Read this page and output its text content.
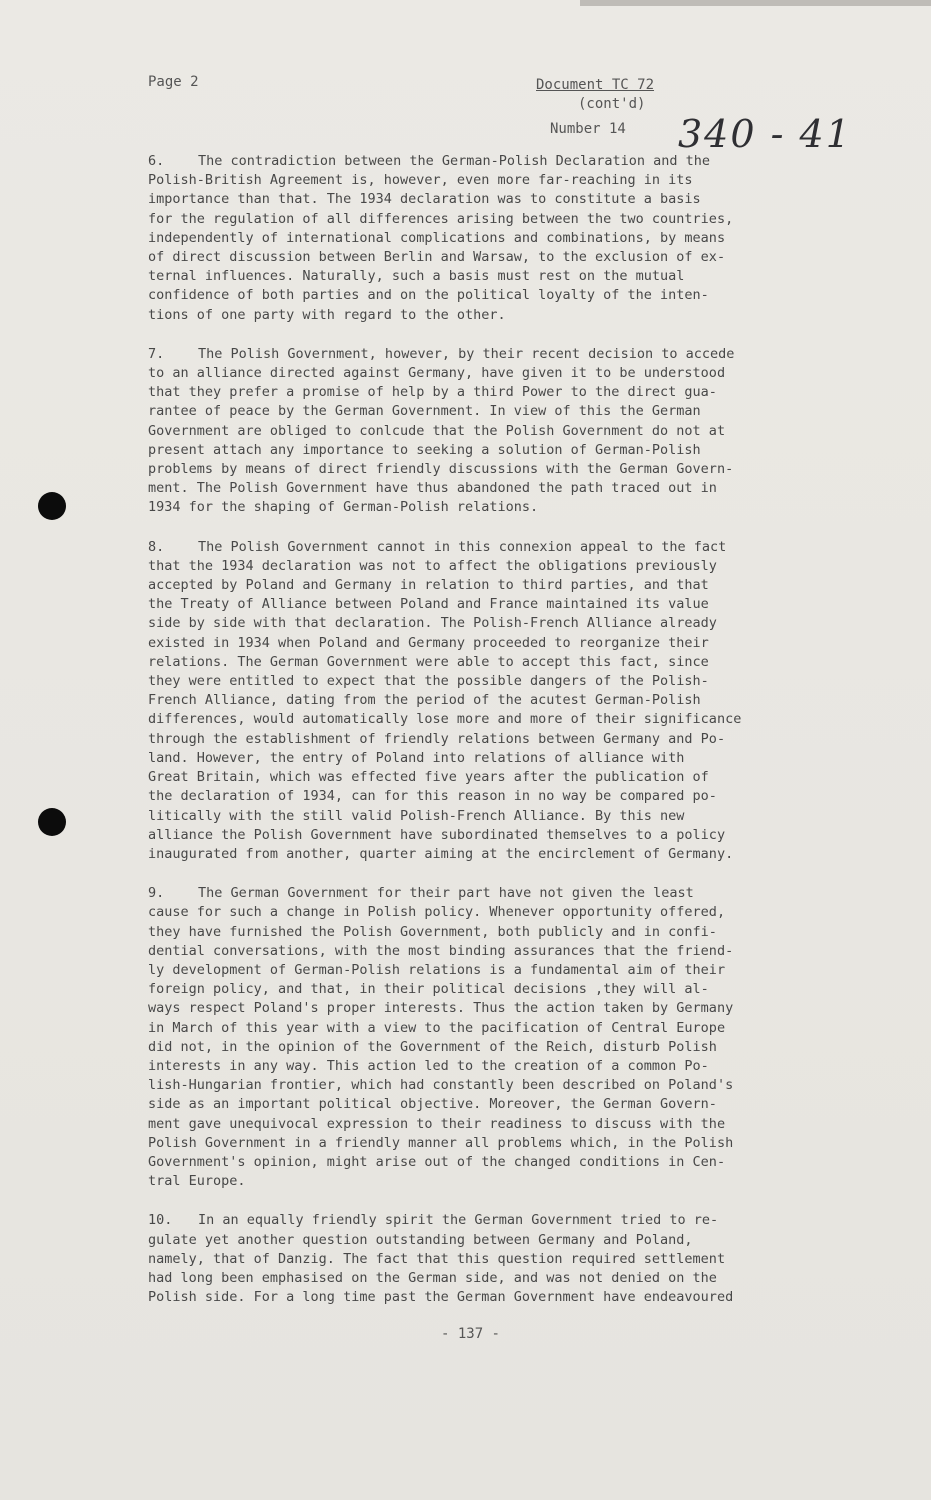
Page 2	Document TC 72
(cont'd)
Number 14	340 - 41
6. The contradiction between the German-Polish Declaration and the
Polish-British Agreement is, however, even more far-reaching in its
importance than that. The 1934 declaration was to constitute a basis
for the regulation of all differences arising between the two countries,
independently of international complications and combinations, by means
of direct discussion between Berlin and Warsaw, to the exclusion of ex-
ternal influences. Naturally, such a basis must rest on the mutual
confidence of both parties and on the political loyalty of the inten-
tions of one party with regard to the other.
7. The Polish Government, however, by their recent decision to accede
to an alliance directed against Germany, have given it to be understood
that they prefer a promise of help by a third Power to the direct gua-
rantee of peace by the German Government. In view of this the German
Government are obliged to conlcude that the Polish Government do not at
present attach any importance to seeking a solution of German-Polish
problems by means of direct friendly discussions with the German Govern-
ment. The Polish Government have thus abandoned the path traced out in
1934 for the shaping of German-Polish relations.
8. The Polish Government cannot in this connexion appeal to the fact
that the 1934 declaration was not to affect the obligations previously
accepted by Poland and Germany in relation to third parties, and that
the Treaty of Alliance between Poland and France maintained its value
side by side with that declaration. The Polish-French Alliance already
existed in 1934 when Poland and Germany proceeded to reorganize their
relations. The German Government were able to accept this fact, since
they were entitled to expect that the possible dangers of the Polish-
French Alliance, dating from the period of the acutest German-Polish
differences, would automatically lose more and more of their significance
through the establishment of friendly relations between Germany and Po-
land. However, the entry of Poland into relations of alliance with
Great Britain, which was effected five years after the publication of
the declaration of 1934, can for this reason in no way be compared po-
litically with the still valid Polish-French Alliance. By this new
alliance the Polish Government have subordinated themselves to a policy
inaugurated from another, quarter aiming at the encirclement of Germany.
9. The German Government for their part have not given the least
cause for such a change in Polish policy. Whenever opportunity offered,
they have furnished the Polish Government, both publicly and in confi-
dential conversations, with the most binding assurances that the friend-
ly development of German-Polish relations is a fundamental aim of their
foreign policy, and that, in their political decisions ,they will al-
ways respect Poland's proper interests. Thus the action taken by Germany
in March of this year with a view to the pacification of Central Europe
did not, in the opinion of the Government of the Reich, disturb Polish
interests in any way. This action led to the creation of a common Po-
lish-Hungarian frontier, which had constantly been described on Poland's
side as an important political objective. Moreover, the German Govern-
ment gave unequivocal expression to their readiness to discuss with the
Polish Government in a friendly manner all problems which, in the Polish
Government's opinion, might arise out of the changed conditions in Cen-
tral Europe.
10. In an equally friendly spirit the German Government tried to re-
gulate yet another question outstanding between Germany and Poland,
namely, that of Danzig. The fact that this question required settlement
had long been emphasised on the German side, and was not denied on the
Polish side. For a long time past the German Government have endeavoured
- 137 -
